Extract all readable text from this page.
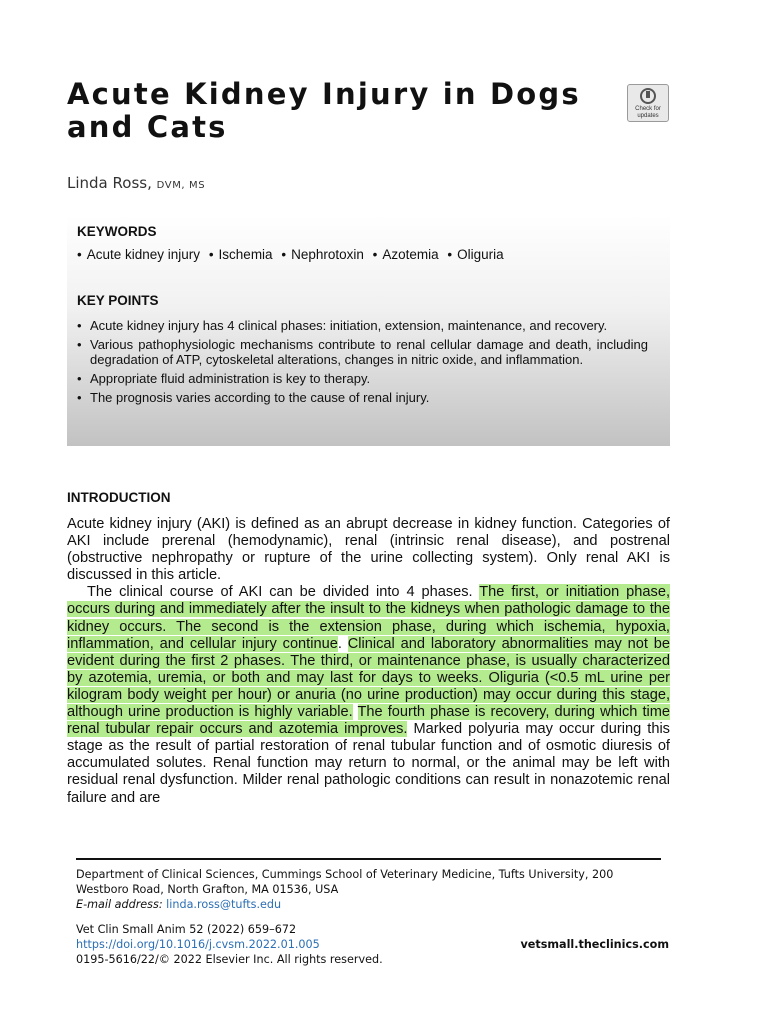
Acute Kidney Injury in Dogs and Cats
Check for updates
Linda Ross, DVM, MS
KEYWORDS
• Acute kidney injury • Ischemia • Nephrotoxin • Azotemia • Oliguria
KEY POINTS
• Acute kidney injury has 4 clinical phases: initiation, extension, maintenance, and recovery.
• Various pathophysiologic mechanisms contribute to renal cellular damage and death, including degradation of ATP, cytoskeletal alterations, changes in nitric oxide, and inflammation.
• Appropriate fluid administration is key to therapy.
• The prognosis varies according to the cause of renal injury.
INTRODUCTION

Acute kidney injury (AKI) is defined as an abrupt decrease in kidney function. Categories of AKI include prerenal (hemodynamic), renal (intrinsic renal disease), and postrenal (obstructive nephropathy or rupture of the urine collecting system). Only renal AKI is discussed in this article.

The clinical course of AKI can be divided into 4 phases. The first, or initiation phase, occurs during and immediately after the insult to the kidneys when pathologic damage to the kidney occurs. The second is the extension phase, during which ischemia, hypoxia, inflammation, and cellular injury continue. Clinical and laboratory abnormalities may not be evident during the first 2 phases. The third, or maintenance phase, is usually characterized by azotemia, uremia, or both and may last for days to weeks. Oliguria (<0.5 mL urine per kilogram body weight per hour) or anuria (no urine production) may occur during this stage, although urine production is highly variable. The fourth phase is recovery, during which time renal tubular repair occurs and azotemia improves. Marked polyuria may occur during this stage as the result of partial restoration of renal tubular function and of osmotic diuresis of accumulated solutes. Renal function may return to normal, or the animal may be left with residual renal dysfunction. Milder renal pathologic conditions can result in nonazotemic renal failure and are

Department of Clinical Sciences, Cummings School of Veterinary Medicine, Tufts University, 200 Westboro Road, North Grafton, MA 01536, USA
E-mail address: linda.ross@tufts.edu
Vet Clin Small Anim 52 (2022) 659–672
https://doi.org/10.1016/j.cvsm.2022.01.005
0195-5616/22/© 2022 Elsevier Inc. All rights reserved.
vetsmall.theclinics.com
